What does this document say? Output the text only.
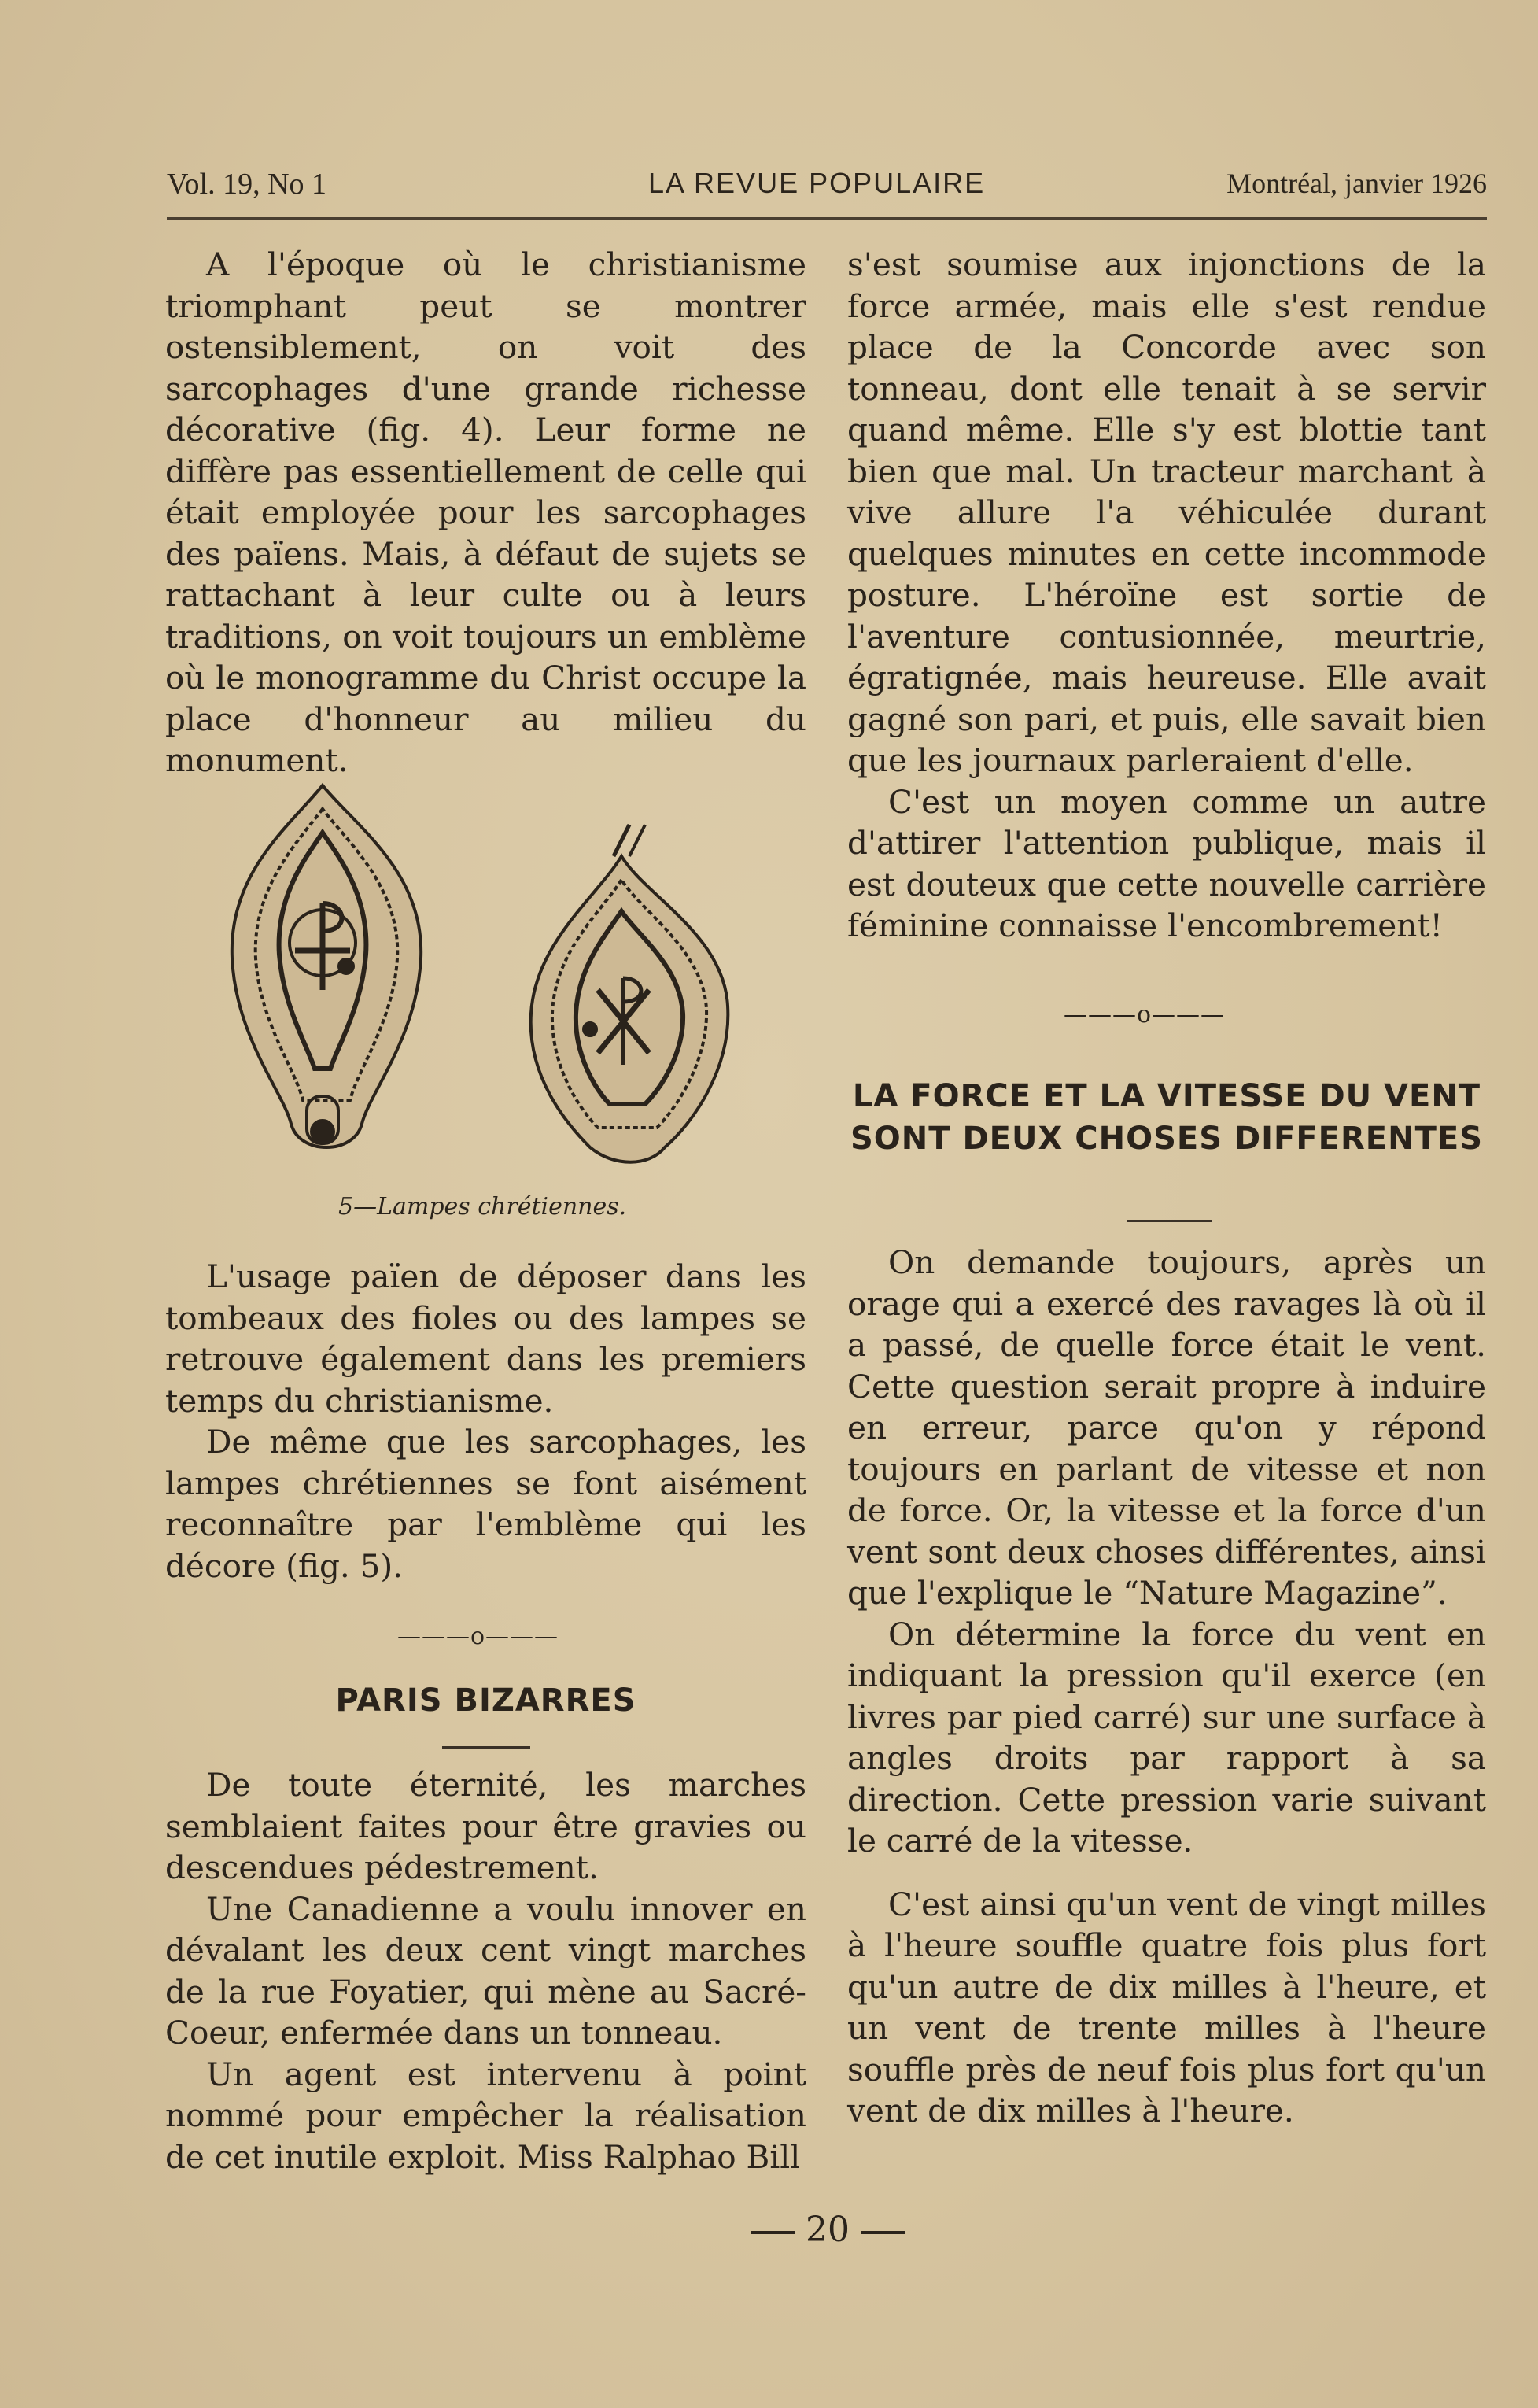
Vol. 19, No 1	LA REVUE POPULAIRE	Montréal, janvier 1926

A l'époque où le christianisme triomphant peut se montrer ostensiblement, on voit des sarcophages d'une grande richesse décorative (fig. 4). Leur forme ne diffère pas essentiellement de celle qui était employée pour les sarcophages des païens. Mais, à défaut de sujets se rattachant à leur culte ou à leurs traditions, on voit toujours un emblème où le monogramme du Christ occupe la place d'honneur au milieu du monument.

5—Lampes chrétiennes.

L'usage païen de déposer dans les tombeaux des fioles ou des lampes se retrouve également dans les premiers temps du christianisme.

De même que les sarcophages, les lampes chrétiennes se font aisément reconnaître par l'emblème qui les décore (fig. 5).

———o———
PARIS BIZARRES

De toute éternité, les marches semblaient faites pour être gravies ou descendues pédestrement.

Une Canadienne a voulu innover en dévalant les deux cent vingt marches de la rue Foyatier, qui mène au Sacré-Coeur, enfermée dans un tonneau.

Un agent est intervenu à point nommé pour empêcher la réalisation de cet inutile exploit. Miss Ralphao Bill

s'est soumise aux injonctions de la force armée, mais elle s'est rendue place de la Concorde avec son tonneau, dont elle tenait à se servir quand même. Elle s'y est blottie tant bien que mal. Un tracteur marchant à vive allure l'a véhiculée durant quelques minutes en cette incommode posture. L'héroïne est sortie de l'aventure contusionnée, meurtrie, égratignée, mais heureuse. Elle avait gagné son pari, et puis, elle savait bien que les journaux parleraient d'elle.

C'est un moyen comme un autre d'attirer l'attention publique, mais il est douteux que cette nouvelle carrière féminine connaisse l'encombrement!

———o———
LA FORCE ET LA VITESSE DU VENT SONT DEUX CHOSES DIFFERENTES

On demande toujours, après un orage qui a exercé des ravages là où il a passé, de quelle force était le vent. Cette question serait propre à induire en erreur, parce qu'on y répond toujours en parlant de vitesse et non de force. Or, la vitesse et la force d'un vent sont deux choses différentes, ainsi que l'explique le “Nature Magazine”.

On détermine la force du vent en indiquant la pression qu'il exerce (en livres par pied carré) sur une surface à angles droits par rapport à sa direction. Cette pression varie suivant le carré de la vitesse.

C'est ainsi qu'un vent de vingt milles à l'heure souffle quatre fois plus fort qu'un autre de dix milles à l'heure, et un vent de trente milles à l'heure souffle près de neuf fois plus fort qu'un vent de dix milles à l'heure.

20
